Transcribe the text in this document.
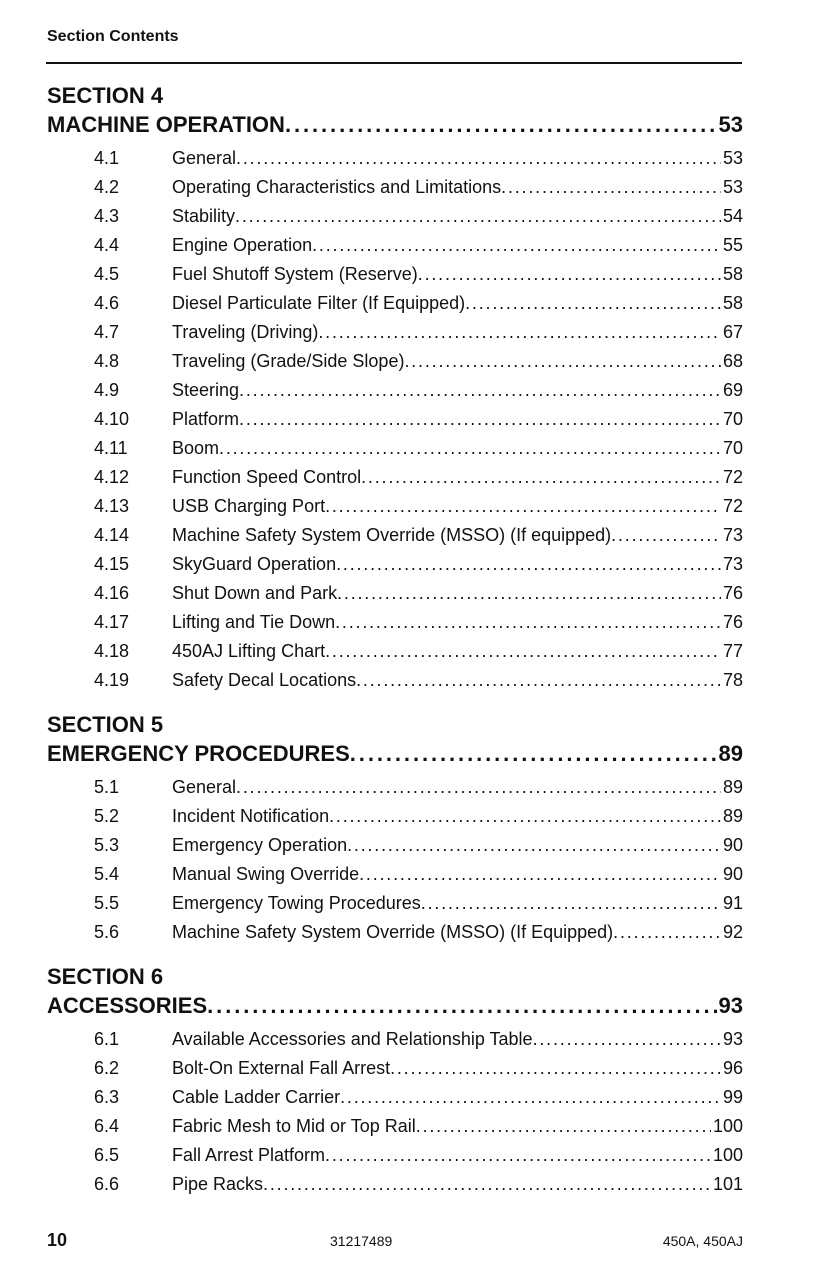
Section Contents
SECTION 4
MACHINE OPERATION . . .	53
4.1	General . . .	53
4.2	Operating Characteristics and Limitations . . .	53
4.3	Stability . . .	54
4.4	Engine Operation . . .	55
4.5	Fuel Shutoff System (Reserve) . . .	58
4.6	Diesel Particulate Filter (If Equipped) . . .	58
4.7	Traveling (Driving) . . .	67
4.8	Traveling (Grade/Side Slope) . . .	68
4.9	Steering . . .	69
4.10	Platform . . .	70
4.11	Boom . . .	70
4.12	Function Speed Control . . .	72
4.13	USB Charging Port . . .	72
4.14	Machine Safety System Override (MSSO) (If equipped) . . .	73
4.15	SkyGuard Operation . . .	73
4.16	Shut Down and Park . . .	76
4.17	Lifting and Tie Down . . .	76
4.18	450AJ Lifting Chart . . .	77
4.19	Safety Decal Locations . . .	78
SECTION 5
EMERGENCY PROCEDURES . . .	89
5.1	General . . .	89
5.2	Incident Notification . . .	89
5.3	Emergency Operation . . .	90
5.4	Manual Swing Override . . .	90
5.5	Emergency Towing Procedures . . .	91
5.6	Machine Safety System Override (MSSO) (If Equipped) . . .	92
SECTION 6
ACCESSORIES . . .	93
6.1	Available Accessories and Relationship Table . . .	93
6.2	Bolt-On External Fall Arrest . . .	96
6.3	Cable Ladder Carrier . . .	99
6.4	Fabric Mesh to Mid or Top Rail . . .	100
6.5	Fall Arrest Platform . . .	100
6.6	Pipe Racks . . .	101
10	31217489	450A, 450AJ
